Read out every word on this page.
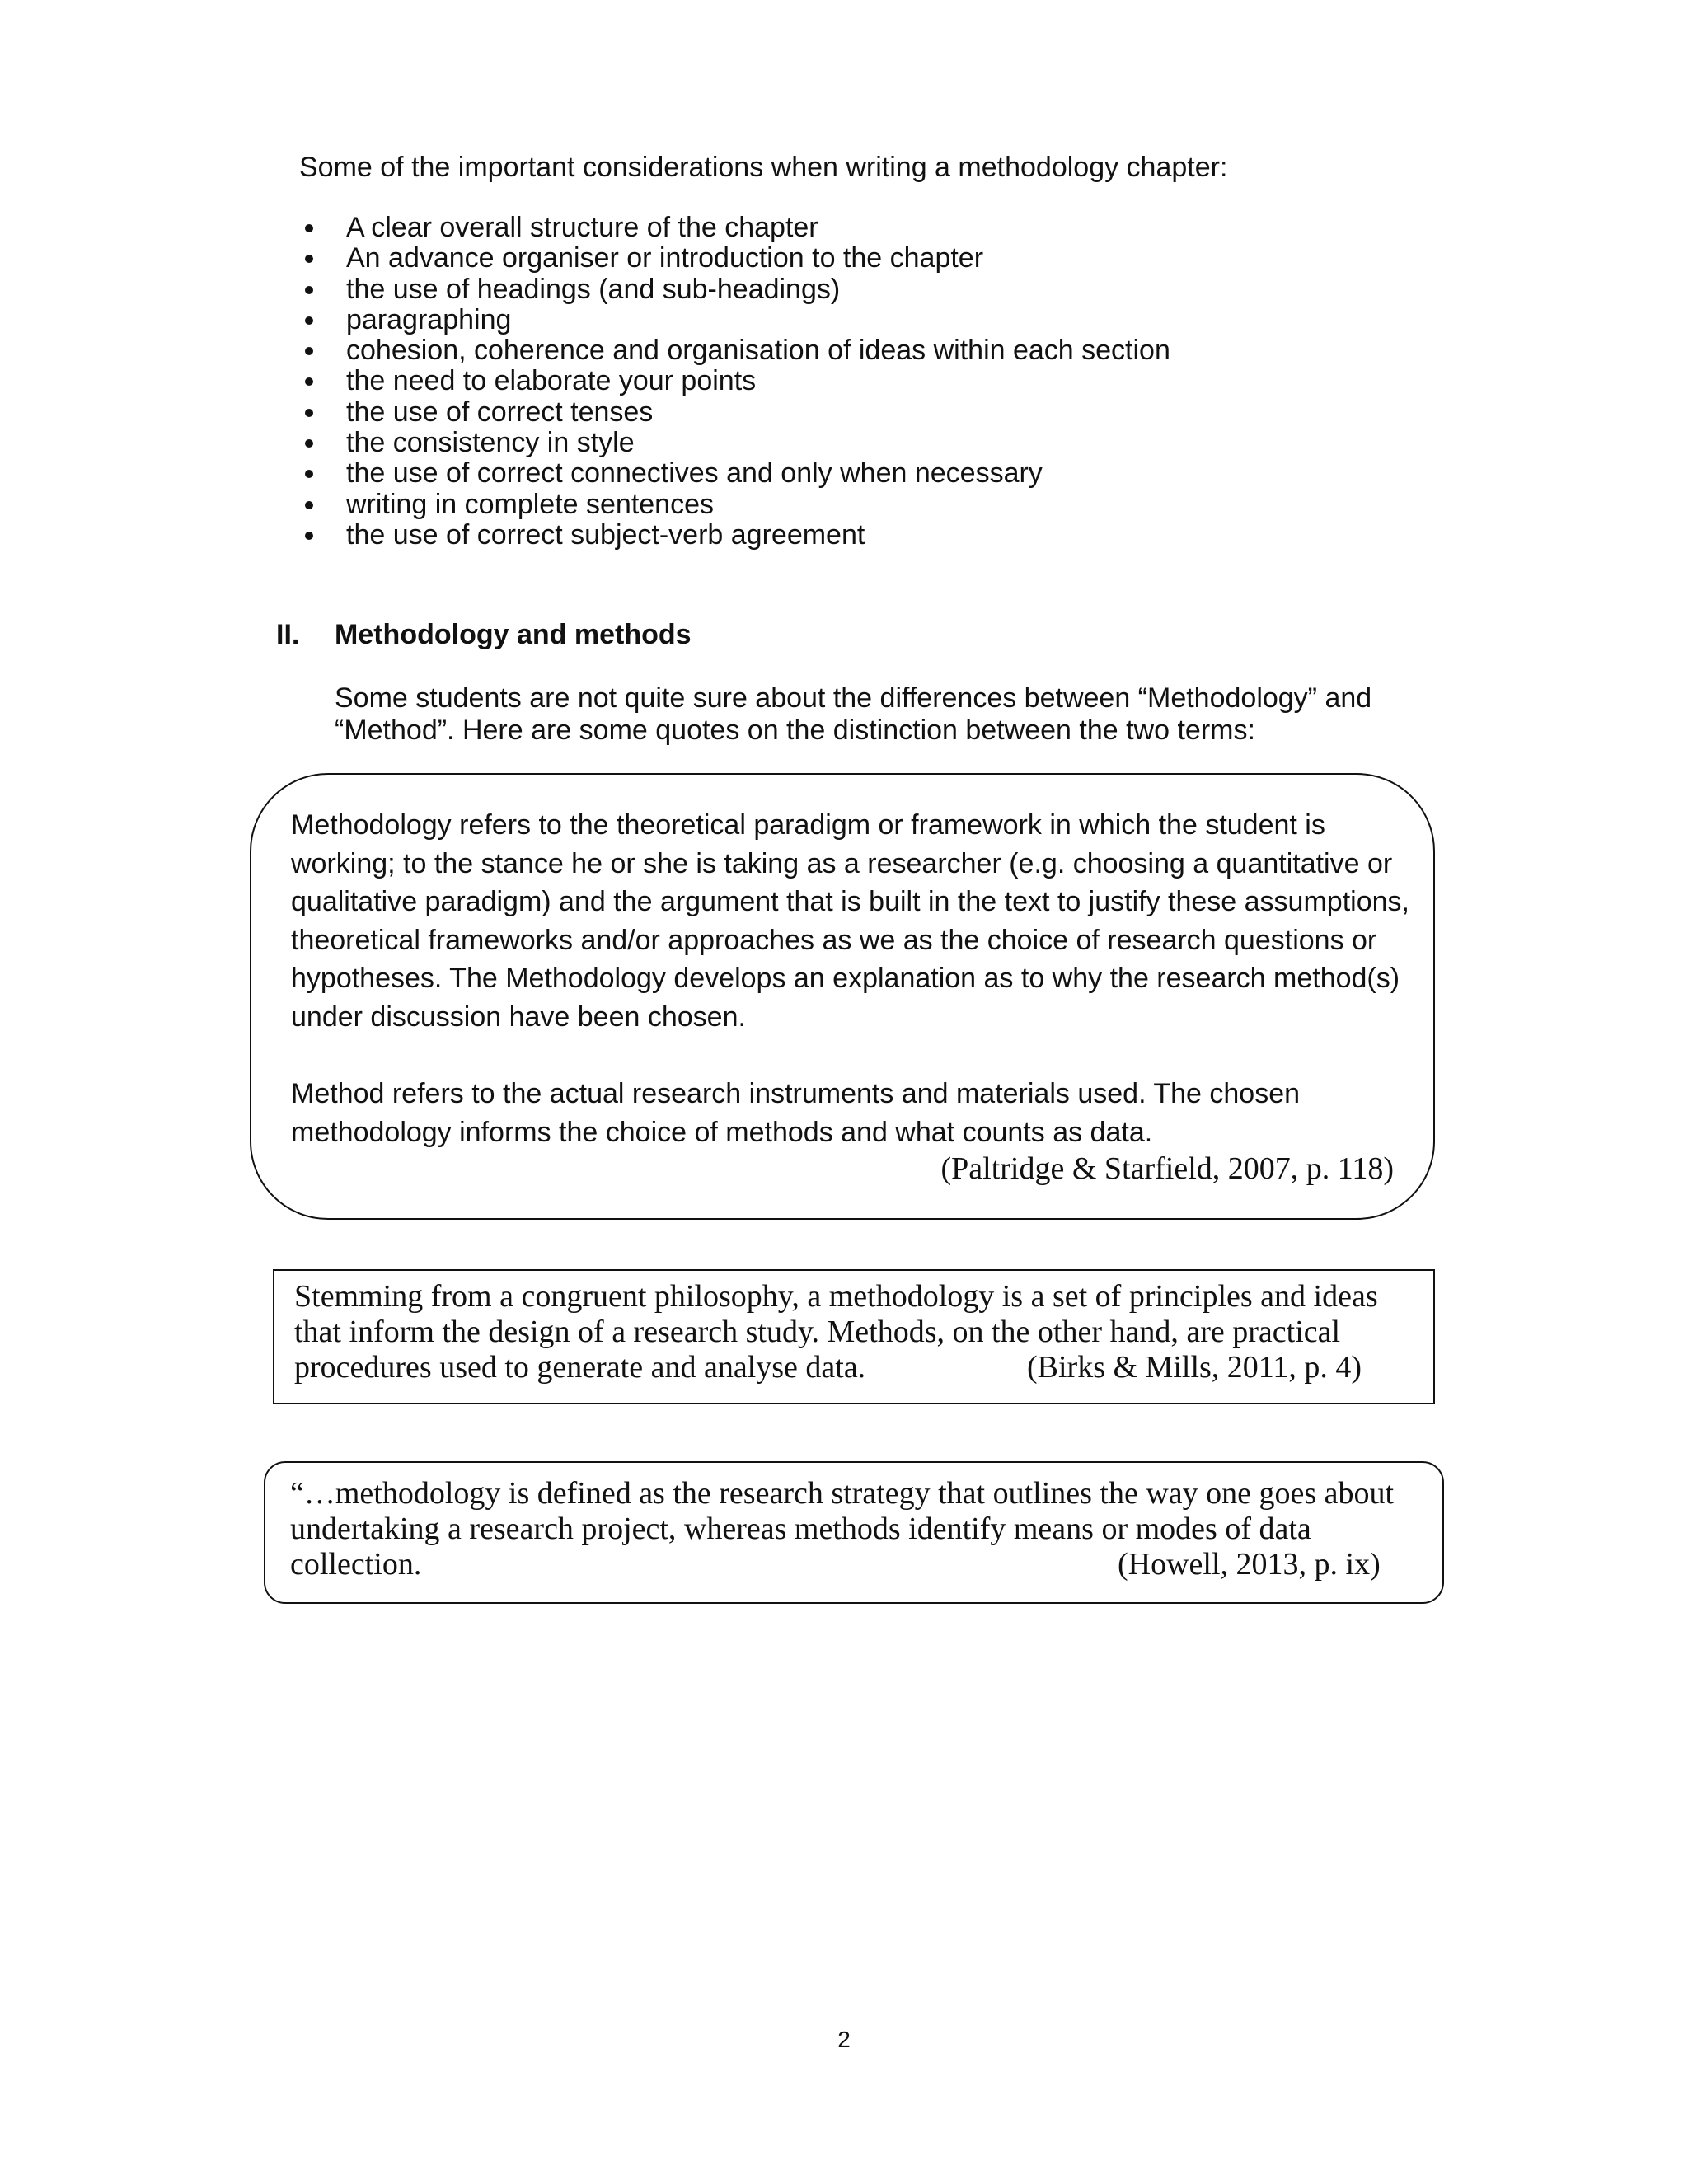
Some of the important considerations when writing a methodology chapter:

A clear overall structure of the chapter
An advance organiser or introduction to the chapter
the use of headings (and sub-headings)
paragraphing
cohesion, coherence and organisation of ideas within each section
the need to elaborate your points
the use of correct tenses
the consistency in style
the use of correct connectives and only when necessary
writing in complete sentences
the use of correct subject-verb agreement
II. Methodology and methods

Some students are not quite sure about the differences between “Methodology” and “Method”. Here are some quotes on the distinction between the two terms:

Methodology refers to the theoretical paradigm or framework in which the student is working; to the stance he or she is taking as a researcher (e.g. choosing a quantitative or qualitative paradigm) and the argument that is built in the text to justify these assumptions, theoretical frameworks and/or approaches as we as the choice of research questions or hypotheses. The Methodology develops an explanation as to why the research method(s) under discussion have been chosen.

Method refers to the actual research instruments and materials used. The chosen methodology informs the choice of methods and what counts as data.

(Paltridge & Starfield, 2007, p. 118)

Stemming from a congruent philosophy, a methodology is a set of principles and ideas that inform the design of a research study. Methods, on the other hand, are practical procedures used to generate and analyse data.	(Birks & Mills, 2011, p. 4)

“…methodology is defined as the research strategy that outlines the way one goes about undertaking a research project, whereas methods identify means or modes of data collection.	(Howell, 2013, p. ix)
2
